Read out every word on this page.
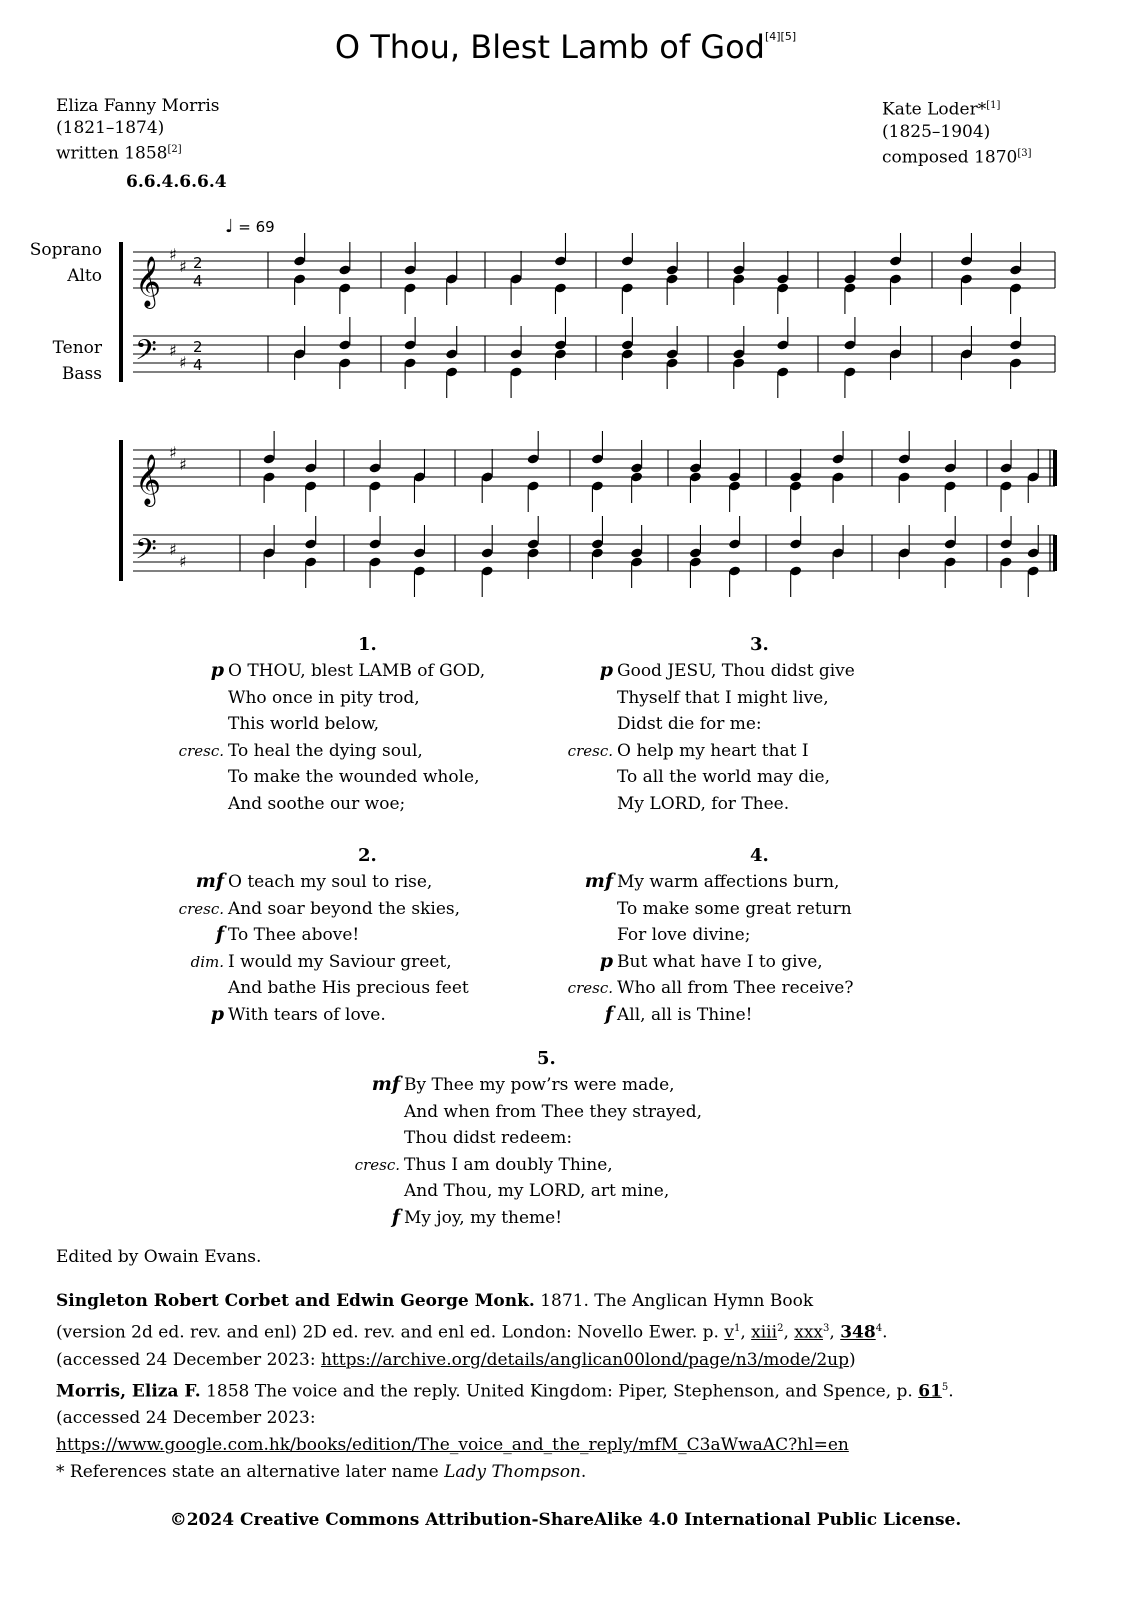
O Thou, Blest Lamb of God[4][5]
Eliza Fanny Morris
(1821–1874)
written 1858[2]
Kate Loder*[1]
(1825–1904)
composed 1870[3]
6.6.4.6.6.4
Soprano
Alto
Tenor
Bass
♩ = 69
𝄞
♯
♯ 2
4
𝄢 ♯
♯
2
4
𝄞
♯
♯
𝄢 ♯
♯
1.
p O THOU, blest LAMB of GOD,
Who once in pity trod,
This world below,
cresc. To heal the dying soul,
To make the wounded whole,
And soothe our woe;
2.
mf O teach my soul to rise,
cresc. And soar beyond the skies,
f To Thee above!
dim. I would my Saviour greet,
And bathe His precious feet
p With tears of love.
3.
p Good JESU, Thou didst give
Thyself that I might live,
Didst die for me:
cresc. O help my heart that I
To all the world may die,
My LORD, for Thee.
4.
mf My warm affections burn,
To make some great return
For love divine;
p But what have I to give,
cresc. Who all from Thee receive?
f All, all is Thine!
5.
mf By Thee my pow’rs were made,
And when from Thee they strayed,
Thou didst redeem:
cresc. Thus I am doubly Thine,
And Thou, my LORD, art mine,
f My joy, my theme!
Edited by Owain Evans.
Singleton Robert Corbet and Edwin George Monk. 1871. The Anglican Hymn Book
(version 2d ed. rev. and enl) 2D ed. rev. and enl ed. London: Novello Ewer. p. $v^1$, xiii$^2$, xxx$^3$, $348^4$.
(accessed 24 December 2023: https://archive.org/details/anglican00lond/page/n3/mode/2up)
Morris, Eliza F. 1858 The voice and the reply. United Kingdom: Piper, Stephenson, and Spence, p. $61^5$.
(accessed 24 December 2023:
https://www.google.com.hk/books/edition/The_voice_and_the_reply/mfM_C3aWwaAC?hl=en
* References state an alternative later name Lady Thompson.
©2024 Creative Commons Attribution-ShareAlike 4.0 International Public License.
